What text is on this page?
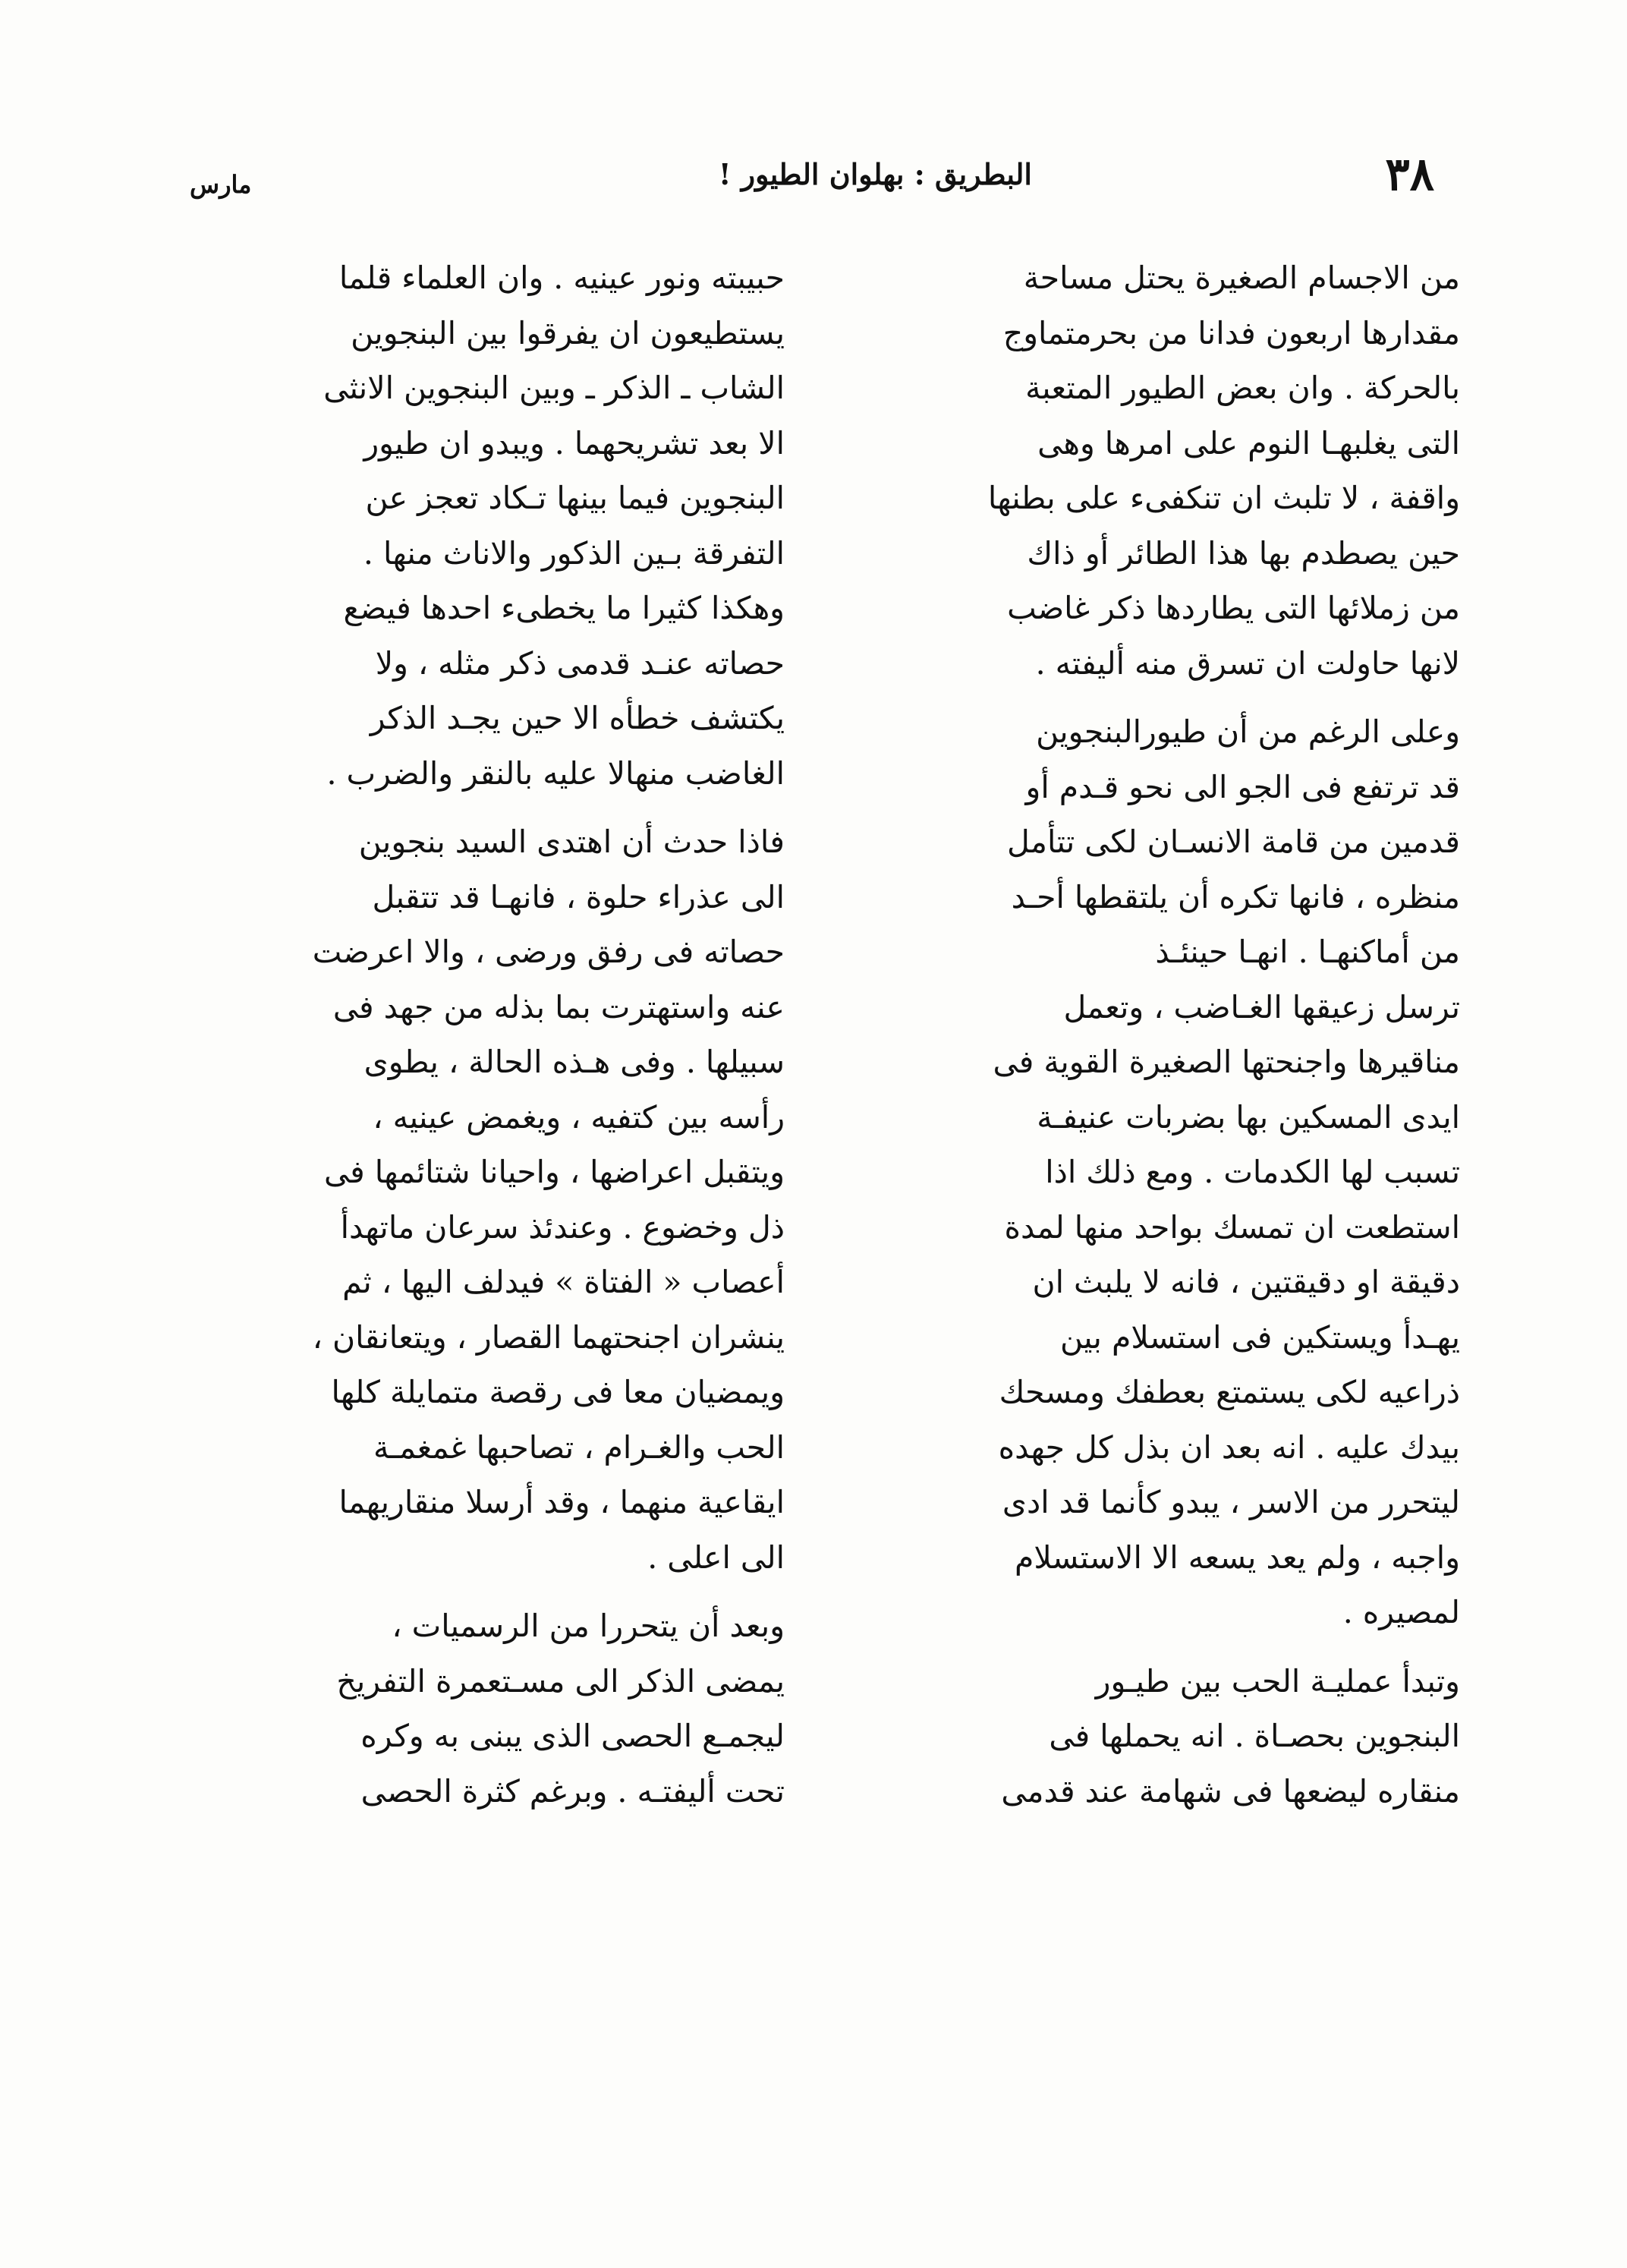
٣٨
البطريق : بهلوان الطيور !
مارس
من الاجسام الصغيرة يحتل مساحة
مقدارها اربعون فدانا من بحرمتماوج
بالحركة . وان بعض الطيور المتعبة
التى يغلبهـا النوم على امرها وهى
واقفة ، لا تلبث ان تنكفىء على بطنها
حين يصطدم بها هذا الطائر أو ذاك
من زملائها التى يطاردها ذكر غاضب
لانها حاولت ان تسرق منه أليفته .
وعلى الرغم من أن طيورالبنجوين
قد ترتفع فى الجو الى نحو قـدم أو
قدمين من قامة الانسـان لكى تتأمل
منظره ، فانها تكره أن يلتقطها أحـد
من أماكنهـا . انهـا حينئـذ
ترسل زعيقها الغـاضب ، وتعمل
مناقيرها واجنحتها الصغيرة القوية فى
ايدى المسكين بها بضربات عنيفـة
تسبب لها الكدمات . ومع ذلك اذا
استطعت ان تمسك بواحد منها لمدة
دقيقة او دقيقتين ، فانه لا يلبث ان
يهـدأ ويستكين فى استسلام بين
ذراعيه لكى يستمتع بعطفك ومسحك
بيدك عليه . انه بعد ان بذل كل جهده
ليتحرر من الاسر ، يبدو كأنما قد ادى
واجبه ، ولم يعد يسعه الا الاستسلام
لمصيره .
وتبدأ عمليـة الحب بين طيـور
البنجوين بحصـاة . انه يحملها فى
منقاره ليضعها فى شهامة عند قدمى
حبيبته ونور عينيه . وان العلماء قلما
يستطيعون ان يفرقوا بين البنجوين
الشاب ـ الذكر ـ وبين البنجوين الانثى
الا بعد تشريحهما . ويبدو ان طيور
البنجوين فيما بينها تـكاد تعجز عن
التفرقة بـين الذكور والاناث منها .
وهكذا كثيرا ما يخطىء احدها فيضع
حصاته عنـد قدمى ذكر مثله ، ولا
يكتشف خطأه الا حين يجـد الذكر
الغاضب منهالا عليه بالنقر والضرب .
فاذا حدث أن اهتدى السيد بنجوين
الى عذراء حلوة ، فانهـا قد تتقبل
حصاته فى رفق ورضى ، والا اعرضت
عنه واستهترت بما بذله من جهد فى
سبيلها . وفى هـذه الحالة ، يطوى
رأسه بين كتفيه ، ويغمض عينيه ،
ويتقبل اعراضها ، واحيانا شتائمها فى
ذل وخضوع . وعندئذ سرعان ماتهدأ
أعصاب « الفتاة » فيدلف اليها ، ثم
ينشران اجنحتهما القصار ، ويتعانقان ،
ويمضيان معا فى رقصة متمايلة كلها
الحب والغـرام ، تصاحبها غمغمـة
ايقاعية منهما ، وقد أرسلا منقاريهما
الى اعلى .
وبعد أن يتحررا من الرسميات ،
يمضى الذكر الى مسـتعمرة التفريخ
ليجمـع الحصى الذى يبنى به وكره
تحت أليفتـه . وبرغم كثرة الحصى
